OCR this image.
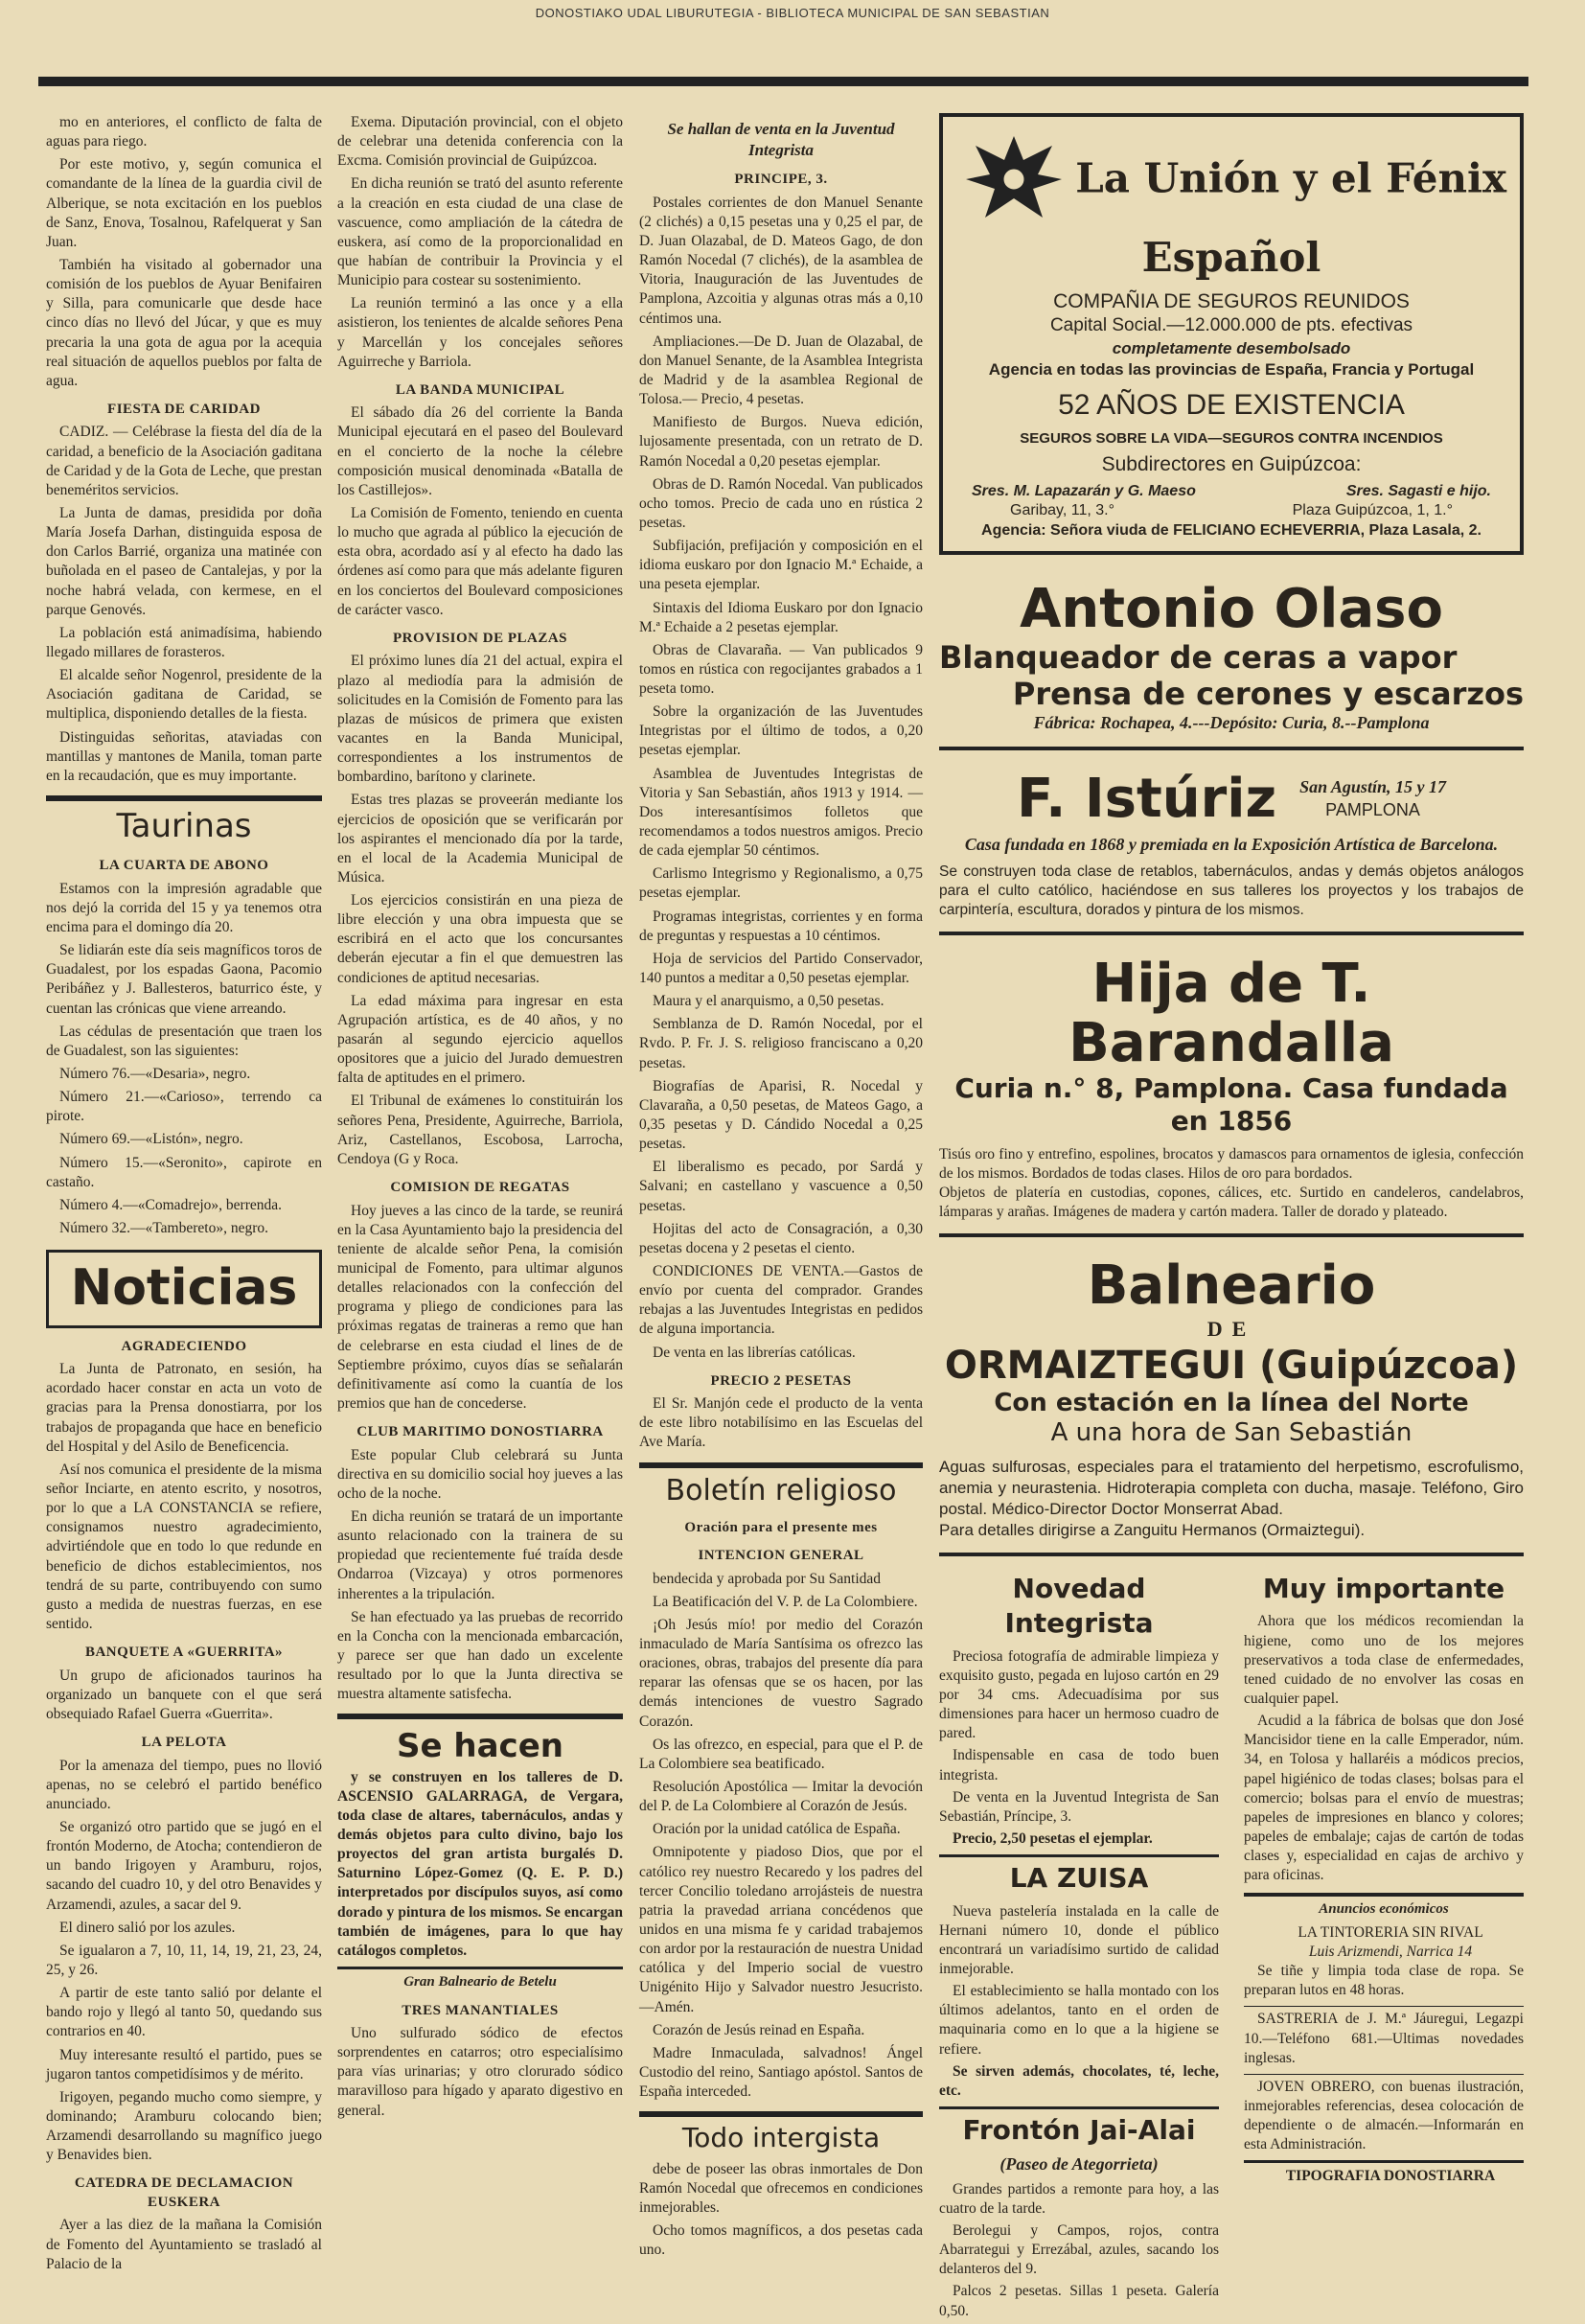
DONOSTIAKO UDAL LIBURUTEGIA - BIBLIOTECA MUNICIPAL DE SAN SEBASTIAN

mo en anteriores, el conflicto de falta de aguas para riego.

Por este motivo, y, según comunica el comandante de la línea de la guardia civil de Alberique, se nota excitación en los pueblos de Sanz, Enova, Tosalnou, Rafelquerat y San Juan.

También ha visitado al gobernador una comisión de los pueblos de Ayuar Benifairen y Silla, para comunicarle que desde hace cinco días no llevó del Júcar, y que es muy precaria la una gota de agua por la acequia real situación de aquellos pueblos por falta de agua.

FIESTA DE CARIDAD

CADIZ. — Celébrase la fiesta del día de la caridad, a beneficio de la Asociación gaditana de Caridad y de la Gota de Leche, que prestan beneméritos servicios.

La Junta de damas, presidida por doña María Josefa Darhan, distinguida esposa de don Carlos Barrié, organiza una matinée con buñolada en el paseo de Cantalejas, y por la noche habrá velada, con kermese, en el parque Genovés.

La población está animadísima, habiendo llegado millares de forasteros.

El alcalde señor Nogenrol, presidente de la Asociación gaditana de Caridad, se multiplica, disponiendo detalles de la fiesta.

Distinguidas señoritas, ataviadas con mantillas y mantones de Manila, toman parte en la recaudación, que es muy importante.

Taurinas
LA CUARTA DE ABONO

Estamos con la impresión agradable que nos dejó la corrida del 15 y ya tenemos otra encima para el domingo día 20.

Se lidiarán este día seis magníficos toros de Guadalest, por los espadas Gaona, Pacomio Peribáñez y J. Ballesteros, baturrico éste, y cuentan las crónicas que viene arreando.

Las cédulas de presentación que traen los de Guadalest, son las siguientes:

Número 76.—«Desaria», negro.

Número 21.—«Carioso», terrendo ca pirote.

Número 69.—«Listón», negro.

Número 15.—«Seronito», capirote en castaño.

Número 4.—«Comadrejo», berrenda.

Número 32.—«Tambereto», negro.

Noticias
AGRADECIENDO

La Junta de Patronato, en sesión, ha acordado hacer constar en acta un voto de gracias para la Prensa donostiarra, por los trabajos de propaganda que hace en beneficio del Hospital y del Asilo de Beneficencia.

Así nos comunica el presidente de la misma señor Inciarte, en atento escrito, y nosotros, por lo que a LA CONSTANCIA se refiere, consignamos nuestro agradecimiento, advirtiéndole que en todo lo que redunde en beneficio de dichos establecimientos, nos tendrá de su parte, contribuyendo con sumo gusto a medida de nuestras fuerzas, en ese sentido.

BANQUETE A «GUERRITA»

Un grupo de aficionados taurinos ha organizado un banquete con el que será obsequiado Rafael Guerra «Guerrita».

LA PELOTA

Por la amenaza del tiempo, pues no llovió apenas, no se celebró el partido benéfico anunciado.

Se organizó otro partido que se jugó en el frontón Moderno, de Atocha; contendieron de un bando Irigoyen y Aramburu, rojos, sacando del cuadro 10, y del otro Benavides y Arzamendi, azules, a sacar del 9.

El dinero salió por los azules.

Se igualaron a 7, 10, 11, 14, 19, 21, 23, 24, 25, y 26.

A partir de este tanto salió por delante el bando rojo y llegó al tanto 50, quedando sus contrarios en 40.

Muy interesante resultó el partido, pues se jugaron tantos competidísimos y de mérito.

Irigoyen, pegando mucho como siempre, y dominando; Aramburu colocando bien; Arzamendi desarrollando su magnífico juego y Benavides bien.

CATEDRA DE DECLAMACION EUSKERA

Ayer a las diez de la mañana la Comisión de Fomento del Ayuntamiento se trasladó al Palacio de la

Exema. Diputación provincial, con el objeto de celebrar una detenida conferencia con la Excma. Comisión provincial de Guipúzcoa.

En dicha reunión se trató del asunto referente a la creación en esta ciudad de una clase de vascuence, como ampliación de la cátedra de euskera, así como de la proporcionalidad en que habían de contribuir la Provincia y el Municipio para costear su sostenimiento.

La reunión terminó a las once y a ella asistieron, los tenientes de alcalde señores Pena y Marcellán y los concejales señores Aguirreche y Barriola.

LA BANDA MUNICIPAL

El sábado día 26 del corriente la Banda Municipal ejecutará en el paseo del Boulevard en el concierto de la noche la célebre composición musical denominada «Batalla de los Castillejos».

La Comisión de Fomento, teniendo en cuenta lo mucho que agrada al público la ejecución de esta obra, acordado así y al efecto ha dado las órdenes así como para que más adelante figuren en los conciertos del Boulevard composiciones de carácter vasco.

PROVISION DE PLAZAS

El próximo lunes día 21 del actual, expira el plazo al mediodía para la admisión de solicitudes en la Comisión de Fomento para las plazas de músicos de primera que existen vacantes en la Banda Municipal, correspondientes a los instrumentos de bombardino, barítono y clarinete.

Estas tres plazas se proveerán mediante los ejercicios de oposición que se verificarán por los aspirantes el mencionado día por la tarde, en el local de la Academia Municipal de Música.

Los ejercicios consistirán en una pieza de libre elección y una obra impuesta que se escribirá en el acto que los concursantes deberán ejecutar a fin el que demuestren las condiciones de aptitud necesarias.

La edad máxima para ingresar en esta Agrupación artística, es de 40 años, y no pasarán al segundo ejercicio aquellos opositores que a juicio del Jurado demuestren falta de aptitudes en el primero.

El Tribunal de exámenes lo constituirán los señores Pena, Presidente, Aguirreche, Barriola, Ariz, Castellanos, Escobosa, Larrocha, Cendoya (G y Roca.

COMISION DE REGATAS

Hoy jueves a las cinco de la tarde, se reunirá en la Casa Ayuntamiento bajo la presidencia del teniente de alcalde señor Pena, la comisión municipal de Fomento, para ultimar algunos detalles relacionados con la confección del programa y pliego de condiciones para las próximas regatas de traineras a remo que han de celebrarse en esta ciudad el lines de de Septiembre próximo, cuyos días se señalarán definitivamente así como la cuantía de los premios que han de concederse.

CLUB MARITIMO DONOSTIARRA

Este popular Club celebrará su Junta directiva en su domicilio social hoy jueves a las ocho de la noche.

En dicha reunión se tratará de un importante asunto relacionado con la trainera de su propiedad que recientemente fué traída desde Ondarroa (Vizcaya) y otros pormenores inherentes a la tripulación.

Se han efectuado ya las pruebas de recorrido en la Concha con la mencionada embarcación, y parece ser que han dado un excelente resultado por lo que la Junta directiva se muestra altamente satisfecha.

Se hacen

y se construyen en los talleres de D. ASCENSIO GALARRAGA, de Vergara, toda clase de altares, tabernáculos, andas y demás objetos para culto divino, bajo los proyectos del gran artista burgalés D. Saturnino López-Gomez (Q. E. P. D.) interpretados por discípulos suyos, así como dorado y pintura de los mismos. Se encargan también de imágenes, para lo que hay catálogos completos.

Gran Balneario de Betelu
TRES MANANTIALES

Uno sulfurado sódico de efectos sorprendentes en catarros; otro especialísimo para vías urinarias; y otro clorurado sódico maravilloso para hígado y aparato digestivo en general.

Se hallan de venta en la Juventud Integrista
PRINCIPE, 3.

Postales corrientes de don Manuel Senante (2 clichés) a 0,15 pesetas una y 0,25 el par, de D. Juan Olazabal, de D. Mateos Gago, de don Ramón Nocedal (7 clichés), de la asamblea de Vitoria, Inauguración de las Juventudes de Pamplona, Azcoitia y algunas otras más a 0,10 céntimos una.

Ampliaciones.—De D. Juan de Olazabal, de don Manuel Senante, de la Asamblea Integrista de Madrid y de la asamblea Regional de Tolosa.— Precio, 4 pesetas.

Manifiesto de Burgos. Nueva edición, lujosamente presentada, con un retrato de D. Ramón Nocedal a 0,20 pesetas ejemplar.

Obras de D. Ramón Nocedal. Van publicados ocho tomos. Precio de cada uno en rústica 2 pesetas.

Subfijación, prefijación y composición en el idioma euskaro por don Ignacio M.ª Echaide, a una peseta ejemplar.

Sintaxis del Idioma Euskaro por don Ignacio M.ª Echaide a 2 pesetas ejemplar.

Obras de Clavaraña. — Van publicados 9 tomos en rústica con regocijantes grabados a 1 peseta tomo.

Sobre la organización de las Juventudes Integristas por el último de todos, a 0,20 pesetas ejemplar.

Asamblea de Juventudes Integristas de Vitoria y San Sebastián, años 1913 y 1914. — Dos interesantísimos folletos que recomendamos a todos nuestros amigos. Precio de cada ejemplar 50 céntimos.

Carlismo Integrismo y Regionalismo, a 0,75 pesetas ejemplar.

Programas integristas, corrientes y en forma de preguntas y respuestas a 10 céntimos.

Hoja de servicios del Partido Conservador, 140 puntos a meditar a 0,50 pesetas ejemplar.

Maura y el anarquismo, a 0,50 pesetas.

Semblanza de D. Ramón Nocedal, por el Rvdo. P. Fr. J. S. religioso franciscano a 0,20 pesetas.

Biografías de Aparisi, R. Nocedal y Clavaraña, a 0,50 pesetas, de Mateos Gago, a 0,35 pesetas y D. Cándido Nocedal a 0,25 pesetas.

El liberalismo es pecado, por Sardá y Salvani; en castellano y vascuence a 0,50 pesetas.

Hojitas del acto de Consagración, a 0,30 pesetas docena y 2 pesetas el ciento.

CONDICIONES DE VENTA.—Gastos de envío por cuenta del comprador. Grandes rebajas a las Juventudes Integristas en pedidos de alguna importancia.

De venta en las librerías católicas.

PRECIO 2 PESETAS

El Sr. Manjón cede el producto de la venta de este libro notabilísimo en las Escuelas del Ave María.

Boletín religioso
Oración para el presente mes
INTENCION GENERAL

bendecida y aprobada por Su Santidad

La Beatificación del V. P. de La Colombiere.

¡Oh Jesús mío! por medio del Corazón inmaculado de María Santísima os ofrezco las oraciones, obras, trabajos del presente día para reparar las ofensas que se os hacen, por las demás intenciones de vuestro Sagrado Corazón.

Os las ofrezco, en especial, para que el P. de La Colombiere sea beatificado.

Resolución Apostólica — Imitar la devoción del P. de La Colombiere al Corazón de Jesús.

Oración por la unidad católica de España.

Omnipotente y piadoso Dios, que por el católico rey nuestro Recaredo y los padres del tercer Concilio toledano arrojásteis de nuestra patria la pravedad arriana concédenos que unidos en una misma fe y caridad trabajemos con ardor por la restauración de nuestra Unidad católica y del Imperio social de vuestro Unigénito Hijo y Salvador nuestro Jesucristo.—Amén.

Corazón de Jesús reinad en España.

Madre Inmaculada, salvadnos! Ángel Custodio del reino, Santiago apóstol. Santos de España interceded.

Todo intergista

debe de poseer las obras inmortales de Don Ramón Nocedal que ofrecemos en condiciones inmejorables.

Ocho tomos magníficos, a dos pesetas cada uno.

La Unión y el Fénix Español
COMPAÑIA DE SEGUROS REUNIDOS
Capital Social.—12.000.000 de pts. efectivas
completamente desembolsado
Agencia en todas las provincias de España, Francia y Portugal
52 AÑOS DE EXISTENCIA
SEGUROS SOBRE LA VIDA—SEGUROS CONTRA INCENDIOS
Subdirectores en Guipúzcoa:
Sres. M. Lapazarán y G. Maeso	Sres. Sagasti e hijo.
Garibay, 11, 3.°	Plaza Guipúzcoa, 1, 1.°
Agencia: Señora viuda de FELICIANO ECHEVERRIA, Plaza Lasala, 2.
Antonio Olaso
Blanqueador de ceras a vapor
Prensa de cerones y escarzos
Fábrica: Rochapea, 4.---Depósito: Curia, 8.--Pamplona
F. Istúriz San Agustín, 15 y 17
PAMPLONA
Casa fundada en 1868 y premiada en la Exposición Artística de Barcelona.
Se construyen toda clase de retablos, tabernáculos, andas y demás objetos análogos para el culto católico, haciéndose en sus talleres los proyectos y los trabajos de carpintería, escultura, dorados y pintura de los mismos.
Hija de T. Barandalla
Curia n.° 8, Pamplona. Casa fundada en 1856
Tisús oro fino y entrefino, espolines, brocatos y damascos para ornamentos de iglesia, confección de los mismos. Bordados de todas clases. Hilos de oro para bordados.
Objetos de platería en custodias, copones, cálices, etc. Surtido en candeleros, candelabros, lámparas y arañas. Imágenes de madera y cartón madera. Taller de dorado y plateado.
Balneario
DE
ORMAIZTEGUI (Guipúzcoa)
Con estación en la línea del Norte
A una hora de San Sebastián
Aguas sulfurosas, especiales para el tratamiento del herpetismo, escrofulismo, anemia y neurastenia. Hidroterapia completa con ducha, masaje. Teléfono, Giro postal. Médico-Director Doctor Monserrat Abad.
Para detalles dirigirse a Zanguitu Hermanos (Ormaiztegui).
Novedad Integrista

Preciosa fotografía de admirable limpieza y exquisito gusto, pegada en lujoso cartón en 29 por 34 cms. Adecuadísima por sus dimensiones para hacer un hermoso cuadro de pared.

Indispensable en casa de todo buen integrista.

De venta en la Juventud Integrista de San Sebastián, Príncipe, 3.

Precio, 2,50 pesetas el ejemplar.

LA ZUISA

Nueva pastelería instalada en la calle de Hernani número 10, donde el público encontrará un variadísimo surtido de calidad inmejorable.

El establecimiento se halla montado con los últimos adelantos, tanto en el orden de maquinaria como en lo que a la higiene se refiere.

Se sirven además, chocolates, té, leche, etc.

Frontón Jai-Alai
(Paseo de Ategorrieta)

Grandes partidos a remonte para hoy, a las cuatro de la tarde.

Berolegui y Campos, rojos, contra Abarrategui y Errezábal, azules, sacando los delanteros del 9.

Palcos 2 pesetas. Sillas 1 peseta. Galería 0,50.

Muy importante

Ahora que los médicos recomiendan la higiene, como uno de los mejores preservativos a toda clase de enfermedades, tened cuidado de no envolver las cosas en cualquier papel.

Acudid a la fábrica de bolsas que don José Mancisidor tiene en la calle Emperador, núm. 34, en Tolosa y hallaréis a módicos precios, papel higiénico de todas clases; bolsas para el comercio; bolsas para el envío de muestras; papeles de impresiones en blanco y colores; papeles de embalaje; cajas de cartón de todas clases y, especialidad en cajas de archivo y para oficinas.

Anuncios económicos

LA TINTORERIA SIN RIVAL

Luis Arizmendi, Narrica 14

Se tiñe y limpia toda clase de ropa. Se preparan lutos en 48 horas.

SASTRERIA de J. M.ª Jáuregui, Legazpi 10.—Teléfono 681.—Ultimas novedades inglesas.

JOVEN OBRERO, con buenas ilustración, inmejorables referencias, desea colocación de dependiente o de almacén.—Informarán en esta Administración.

TIPOGRAFIA DONOSTIARRA
